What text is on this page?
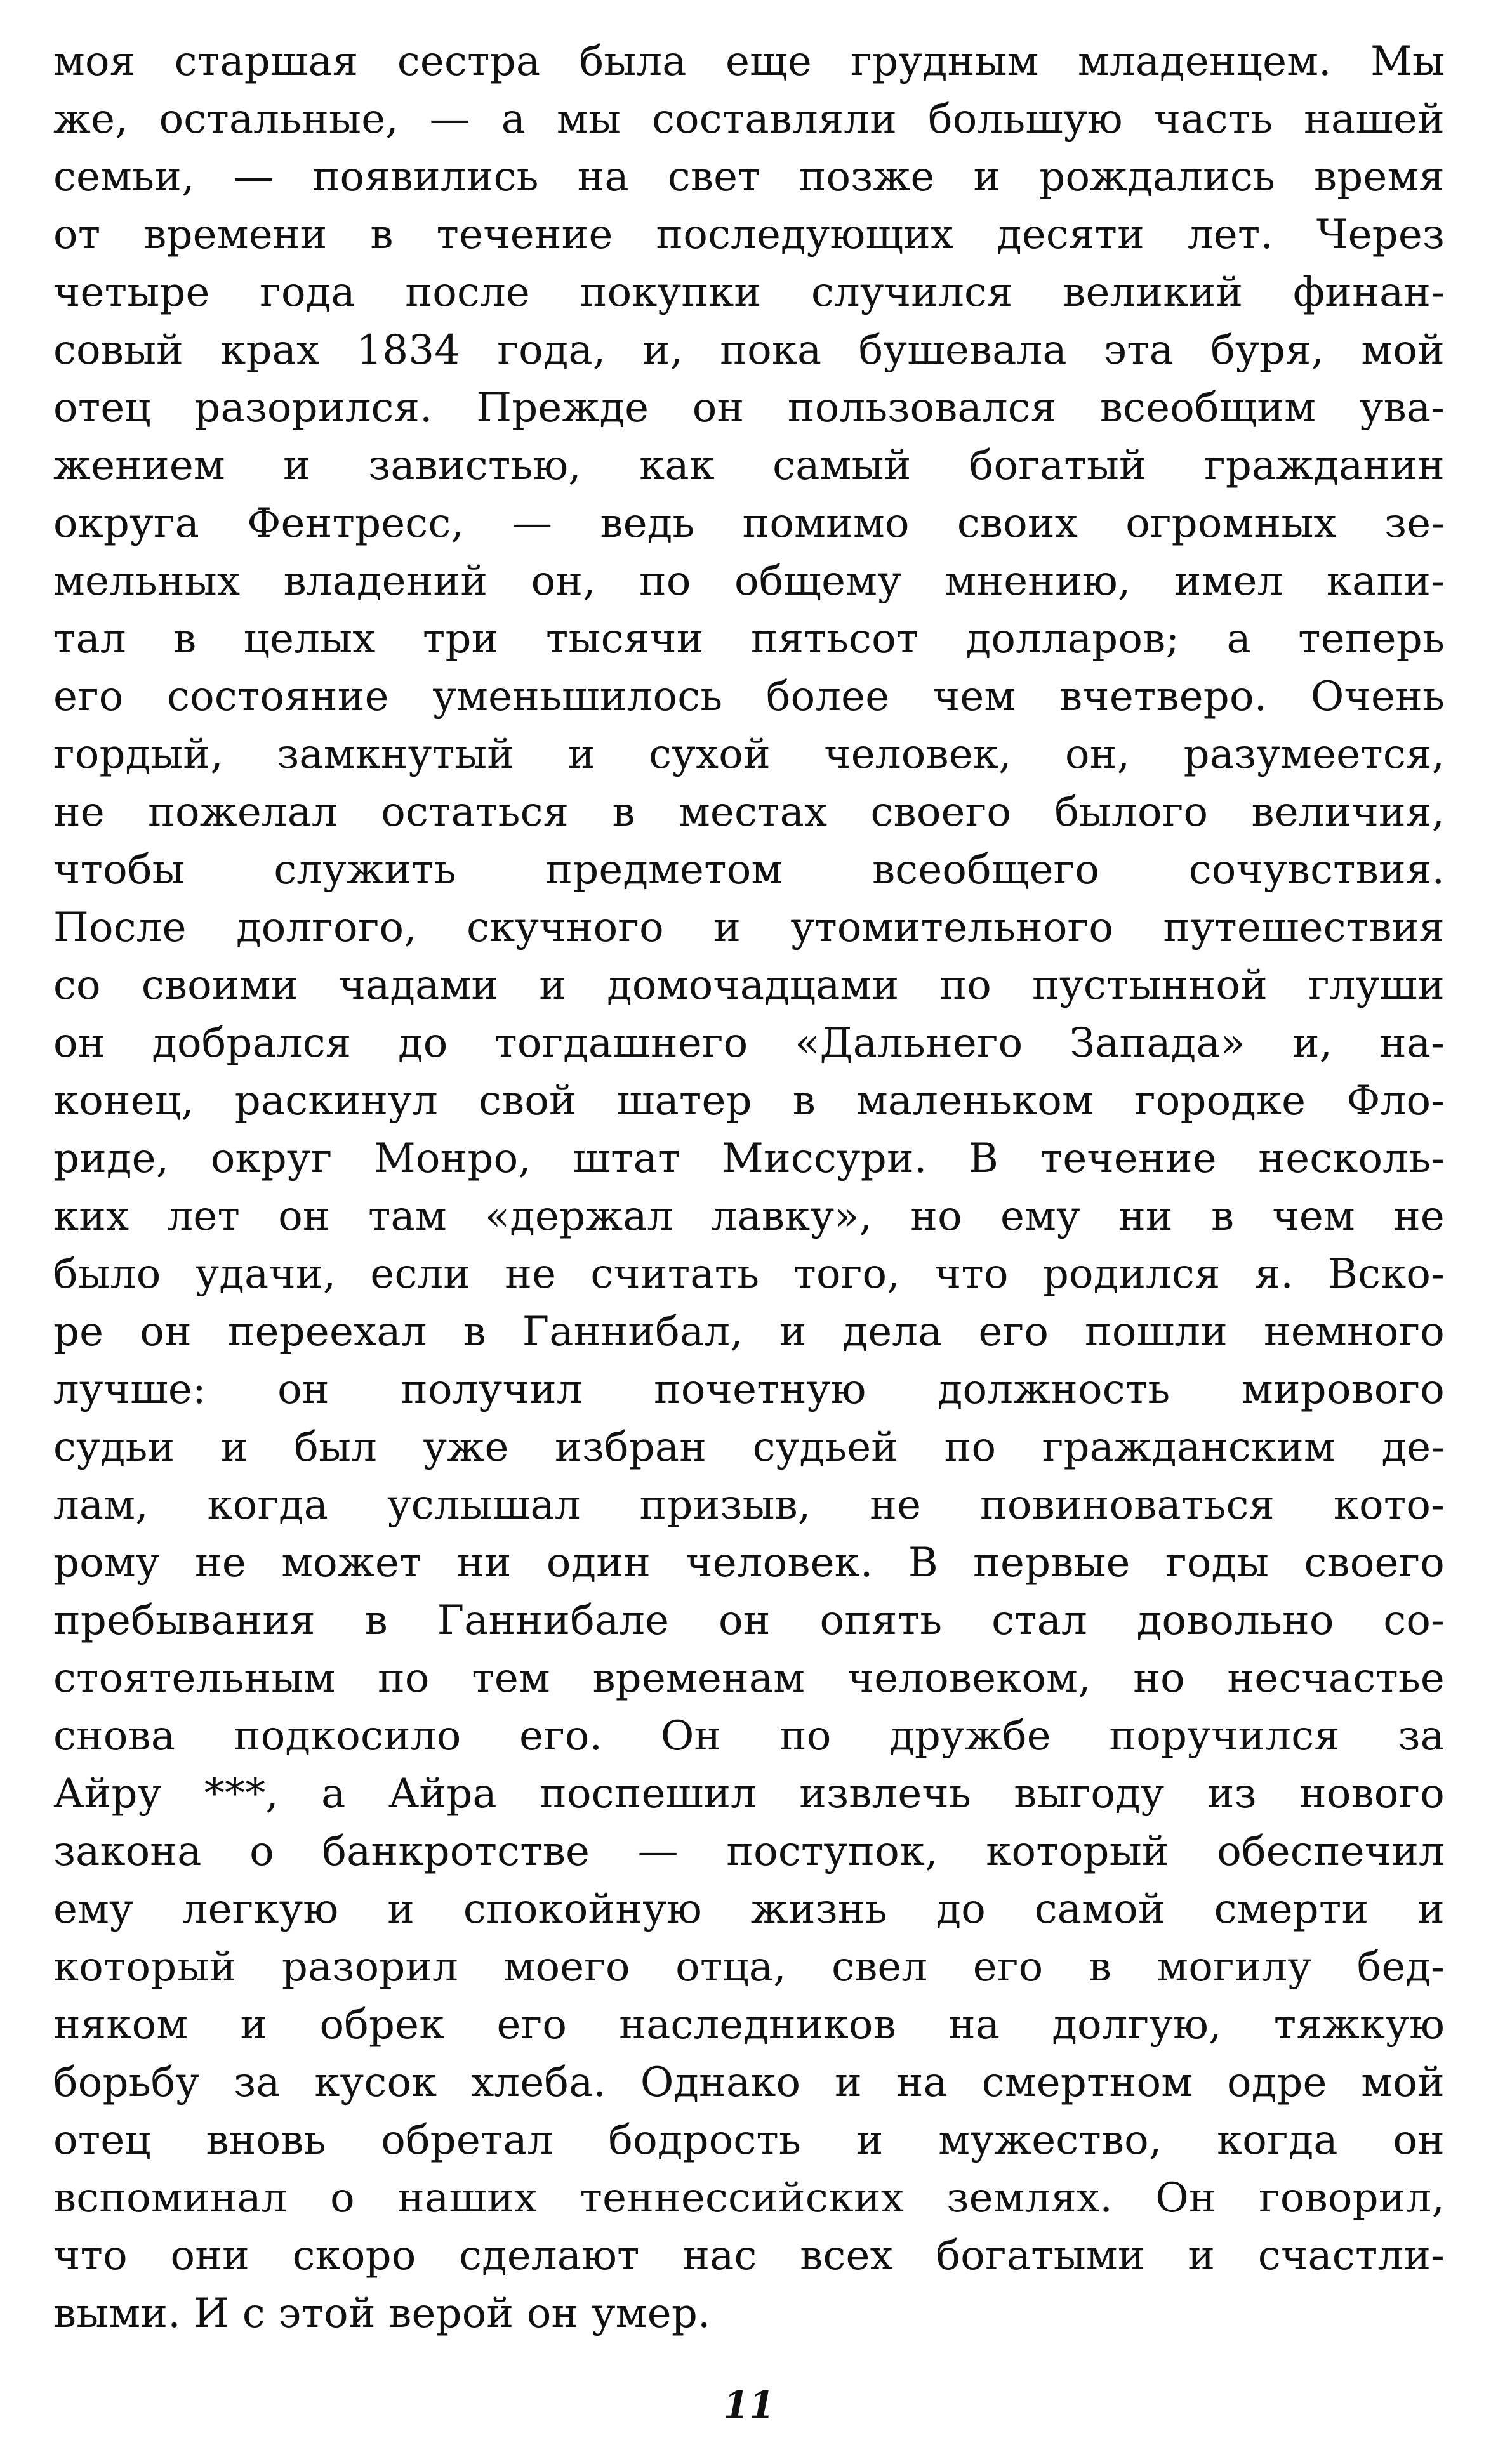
моя старшая сестра была еще грудным младенцем. Мы
же, остальные, — а мы составляли большую часть нашей
семьи, — появились на свет позже и рождались время
от времени в течение последующих десяти лет. Через
четыре года после покупки случился великий финан-
совый крах 1834 года, и, пока бушевала эта буря, мой
отец разорился. Прежде он пользовался всеобщим ува-
жением и завистью, как самый богатый гражданин
округа Фентресс, — ведь помимо своих огромных зе-
мельных владений он, по общему мнению, имел капи-
тал в целых три тысячи пятьсот долларов; а теперь
его состояние уменьшилось более чем вчетверо. Очень
гордый, замкнутый и сухой человек, он, разумеется,
не пожелал остаться в местах своего былого величия,
чтобы служить предметом всеобщего сочувствия.
После долгого, скучного и утомительного путешествия
со своими чадами и домочадцами по пустынной глуши
он добрался до тогдашнего «Дальнего Запада» и, на-
конец, раскинул свой шатер в маленьком городке Фло-
риде, округ Монро, штат Миссури. В течение несколь-
ких лет он там «держал лавку», но ему ни в чем не
было удачи, если не считать того, что родился я. Вско-
ре он переехал в Ганнибал, и дела его пошли немного
лучше: он получил почетную должность мирового
судьи и был уже избран судьей по гражданским де-
лам, когда услышал призыв, не повиноваться кото-
рому не может ни один человек. В первые годы своего
пребывания в Ганнибале он опять стал довольно со-
стоятельным по тем временам человеком, но несчастье
снова подкосило его. Он по дружбе поручился за
Айру ***, а Айра поспешил извлечь выгоду из нового
закона о банкротстве — поступок, который обеспечил
ему легкую и спокойную жизнь до самой смерти и
который разорил моего отца, свел его в могилу бед-
няком и обрек его наследников на долгую, тяжкую
борьбу за кусок хлеба. Однако и на смертном одре мой
отец вновь обретал бодрость и мужество, когда он
вспоминал о наших теннессийских землях. Он говорил,
что они скоро сделают нас всех богатыми и счастли-
выми. И с этой верой он умер.
11
